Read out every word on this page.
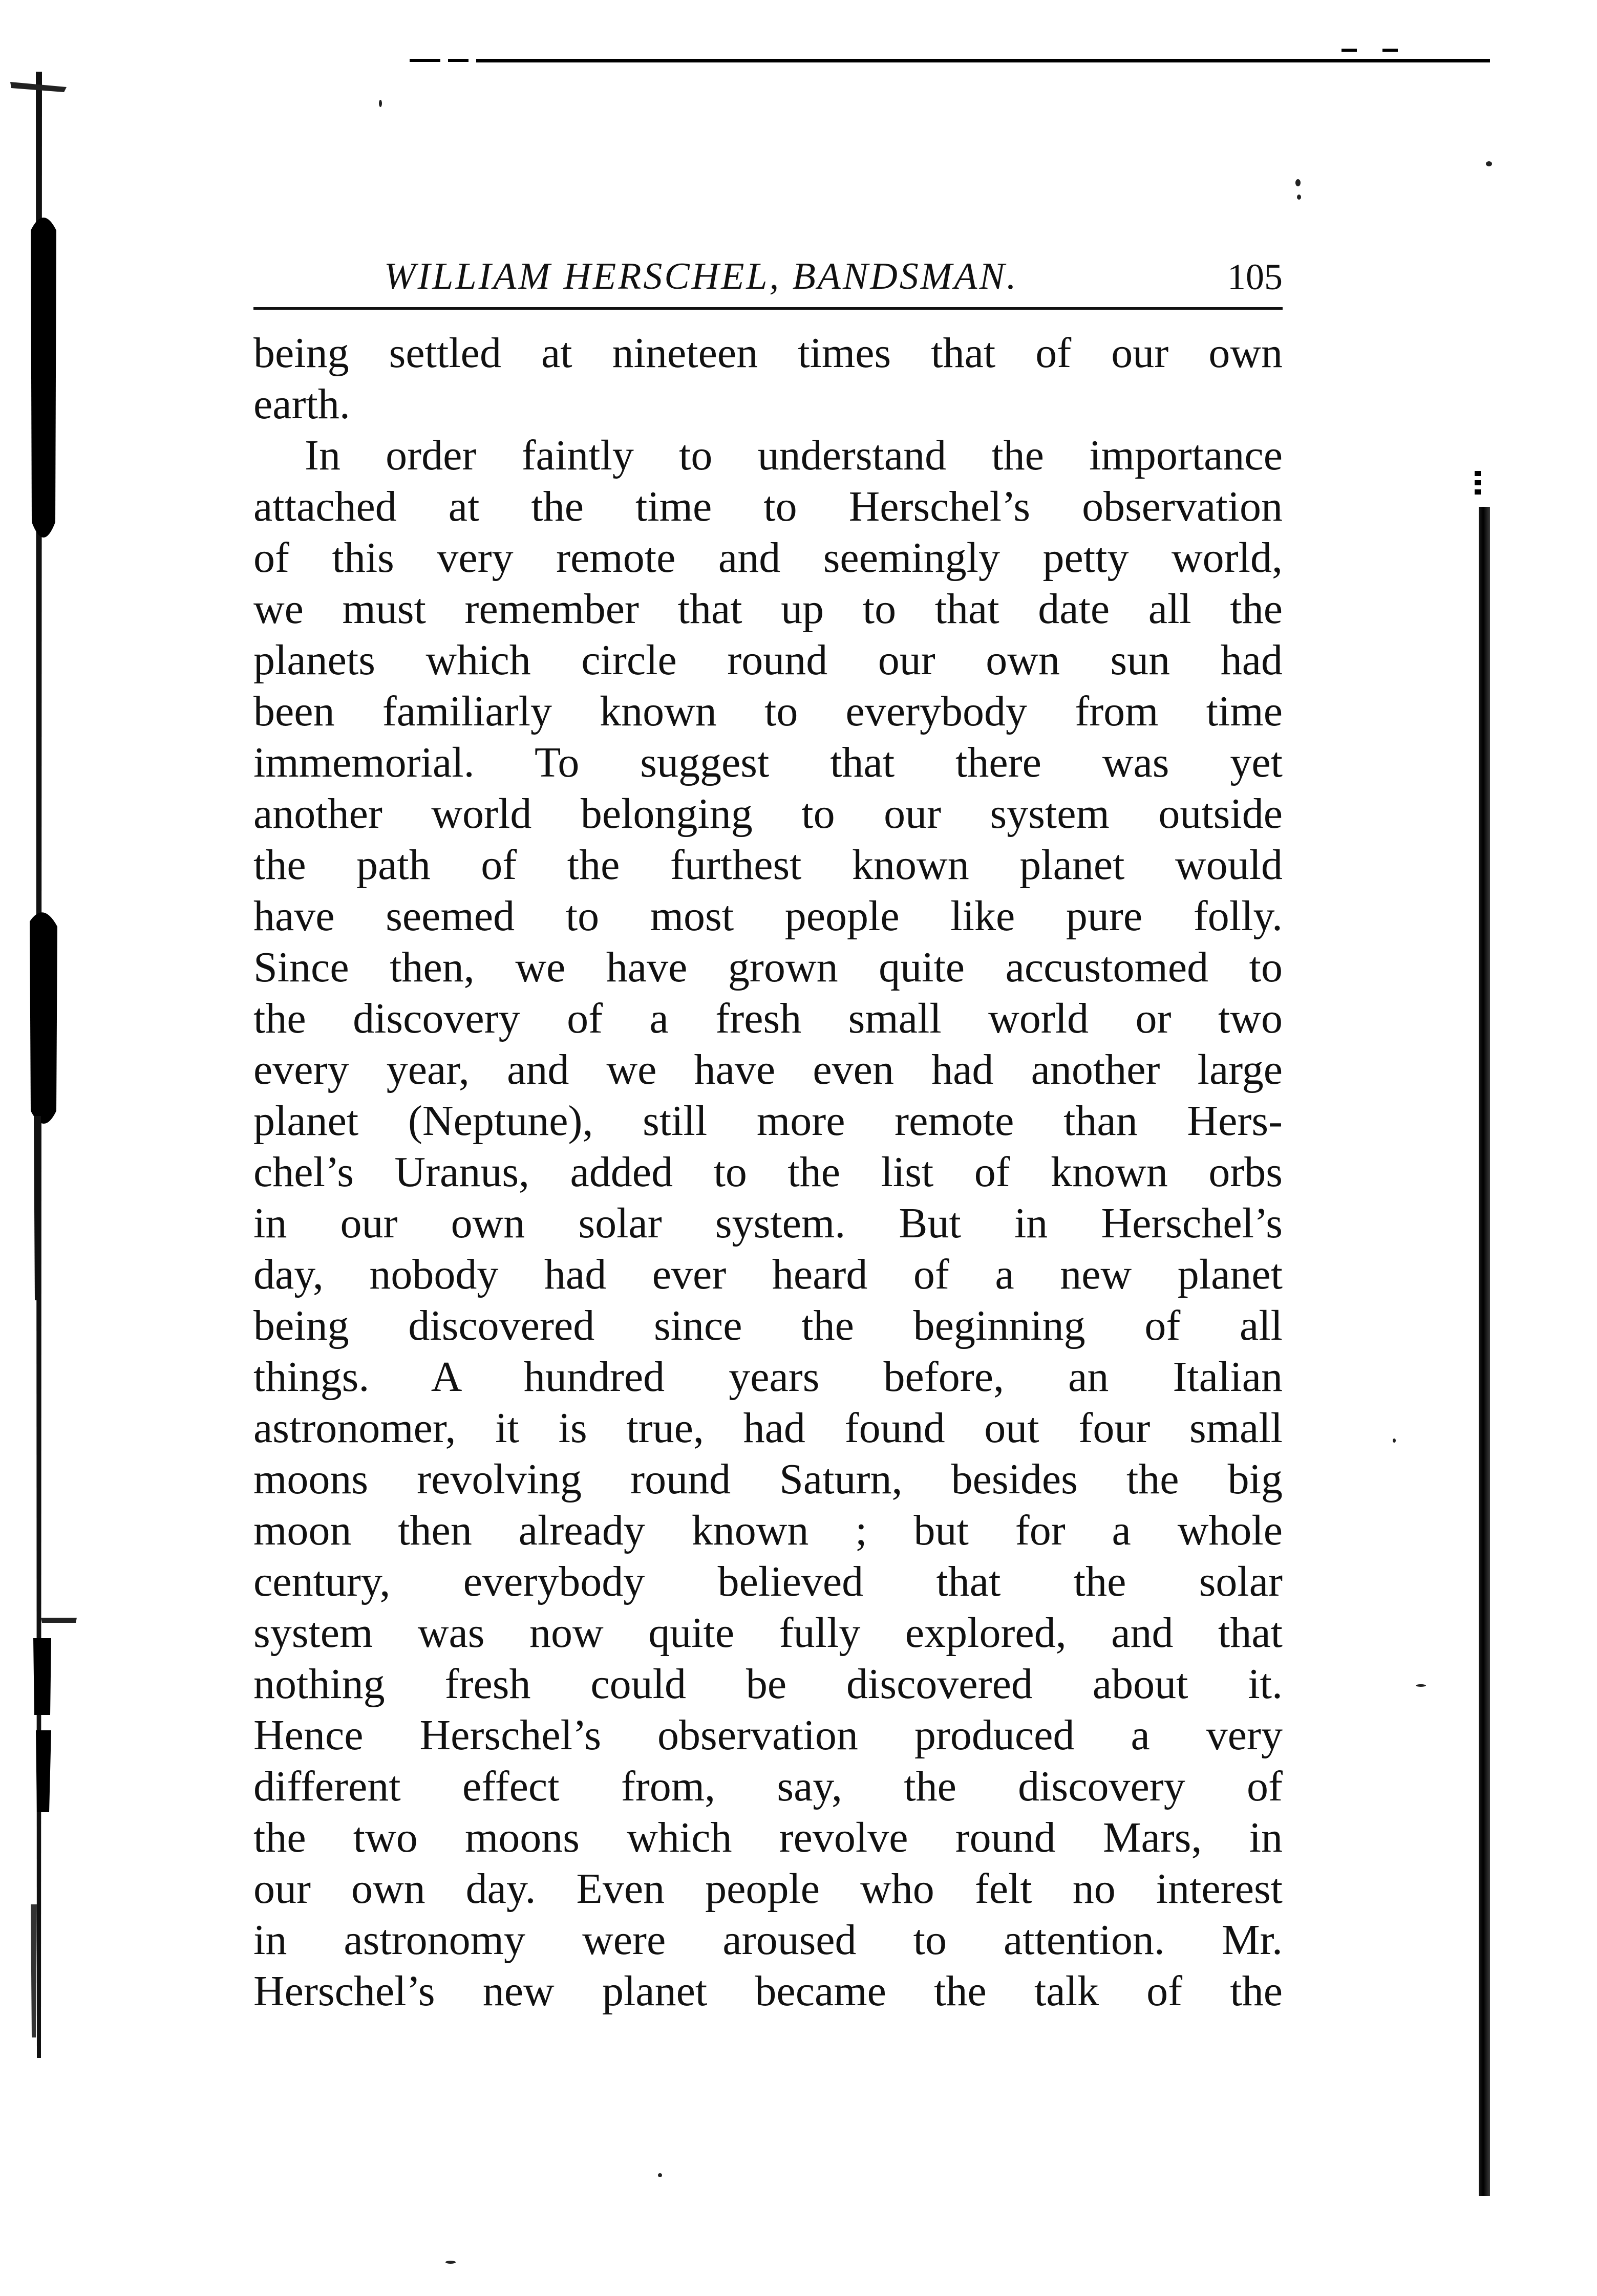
WILLIAM HERSCHEL, BANDSMAN.	105
being settled at nineteen times that of our own
earth.
In order faintly to understand the importance
attached at the time to Herschel’s observation
of this very remote and seemingly petty world,
we must remember that up to that date all the
planets which circle round our own sun had
been familiarly known to everybody from time
immemorial. To suggest that there was yet
another world belonging to our system outside
the path of the furthest known planet would
have seemed to most people like pure folly.
Since then, we have grown quite accustomed to
the discovery of a fresh small world or two
every year, and we have even had another large
planet (Neptune), still more remote than Hers-
chel’s Uranus, added to the list of known orbs
in our own solar system. But in Herschel’s
day, nobody had ever heard of a new planet
being discovered since the beginning of all
things. A hundred years before, an Italian
astronomer, it is true, had found out four small
moons revolving round Saturn, besides the big
moon then already known ; but for a whole
century, everybody believed that the solar
system was now quite fully explored, and that
nothing fresh could be discovered about it.
Hence Herschel’s observation produced a very
different effect from, say, the discovery of
the two moons which revolve round Mars, in
our own day. Even people who felt no interest
in astronomy were aroused to attention. Mr.
Herschel’s new planet became the talk of the
